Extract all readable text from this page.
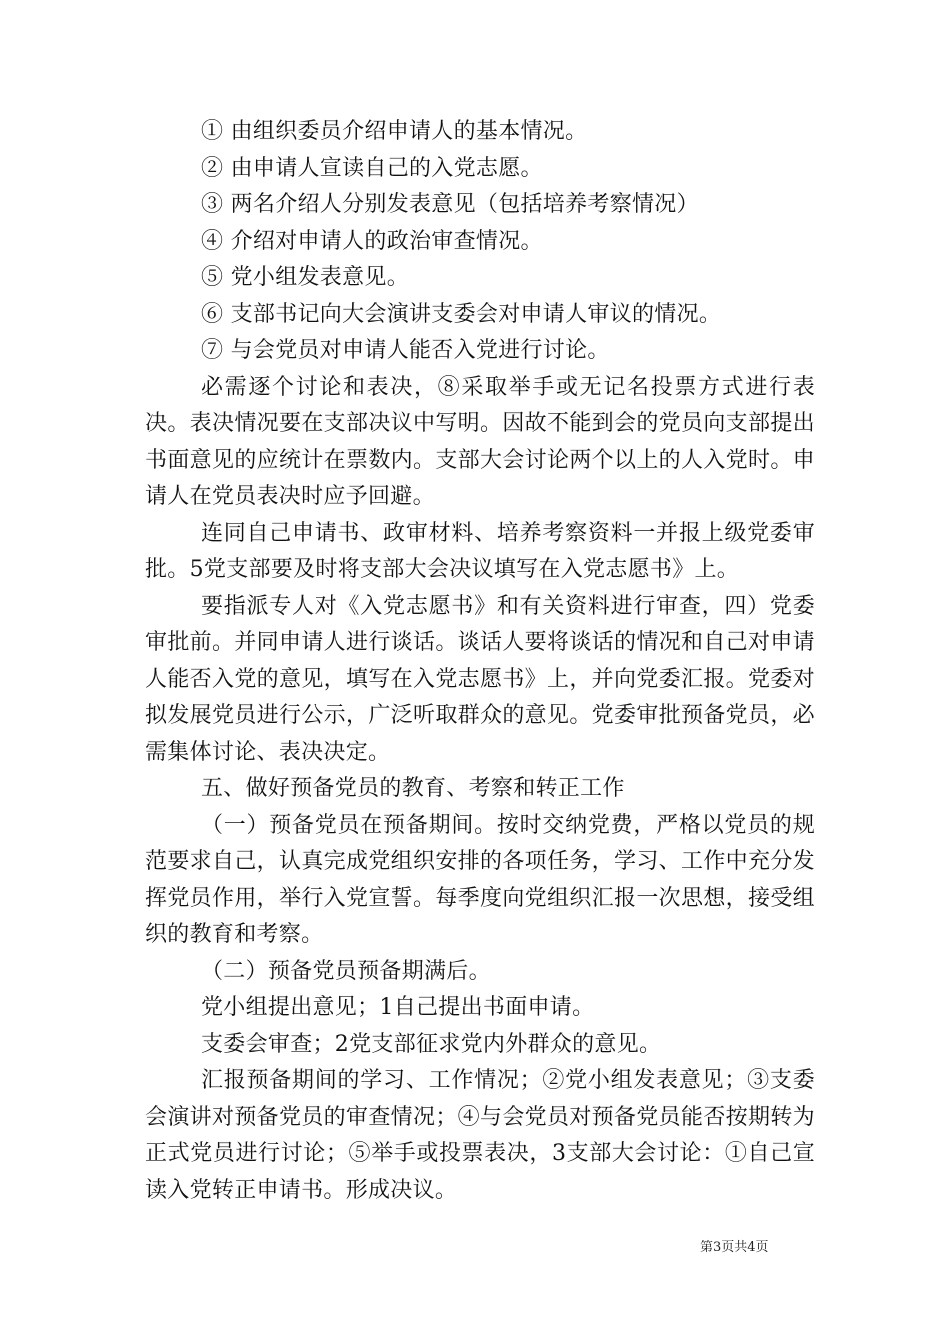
① 由组织委员介绍申请人的基本情况。

② 由申请人宣读自己的入党志愿。

③ 两名介绍人分别发表意见（包括培养考察情况）

④ 介绍对申请人的政治审查情况。

⑤ 党小组发表意见。

⑥ 支部书记向大会演讲支委会对申请人审议的情况。

⑦ 与会党员对申请人能否入党进行讨论。

必需逐个讨论和表决，⑧采取举手或无记名投票方式进行表决。表决情况要在支部决议中写明。因故不能到会的党员向支部提出书面意见的应统计在票数内。支部大会讨论两个以上的人入党时。申请人在党员表决时应予回避。

连同自己申请书、政审材料、培养考察资料一并报上级党委审批。5党支部要及时将支部大会决议填写在入党志愿书》上。

要指派专人对《入党志愿书》和有关资料进行审查，四）党委审批前。并同申请人进行谈话。谈话人要将谈话的情况和自己对申请人能否入党的意见，填写在入党志愿书》上，并向党委汇报。党委对拟发展党员进行公示，广泛听取群众的意见。党委审批预备党员，必需集体讨论、表决决定。

五、做好预备党员的教育、考察和转正工作

（一）预备党员在预备期间。按时交纳党费，严格以党员的规范要求自己，认真完成党组织安排的各项任务，学习、工作中充分发挥党员作用，举行入党宣誓。每季度向党组织汇报一次思想，接受组织的教育和考察。

（二）预备党员预备期满后。

党小组提出意见；1自己提出书面申请。

支委会审查；2党支部征求党内外群众的意见。

汇报预备期间的学习、工作情况；②党小组发表意见；③支委会演讲对预备党员的审查情况；④与会党员对预备党员能否按期转为正式党员进行讨论；⑤举手或投票表决，3支部大会讨论：①自己宣读入党转正申请书。形成决议。

第3页共4页
